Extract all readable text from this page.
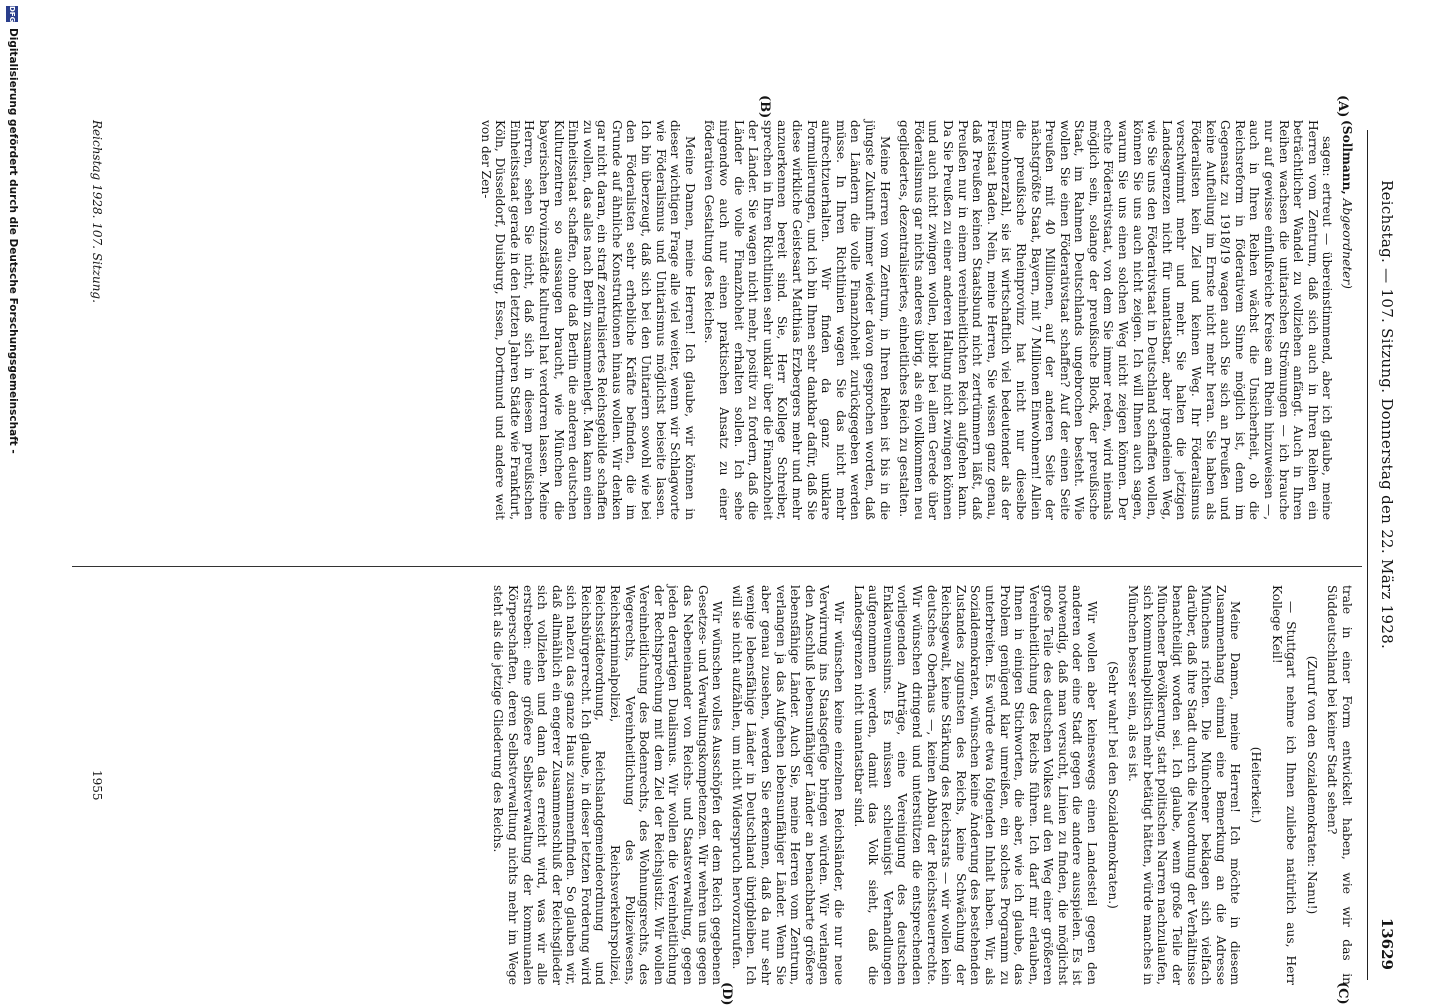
Reichstag. — 107. Sitzung. Donnerstag den 22. März 1928.
13629
(A)
(B)
(C)
(D)

(Sollmann, Abgeordneter)

sagen: ertreut — übereinstimmend, aber ich glaube, meine Herren vom Zentrum, daß sich auch in Ihren Reihen ein beträchtlicher Wandel zu vollziehen anfängt. Auch in Ihren Reihen wachsen die unitarischen Strömungen — ich brauche nur auf gewisse einflußreiche Kreise am Rhein hinzuweisen —, auch in Ihren Reihen wächst die Unsicherheit, ob die Reichsreform in föderativem Sinne möglich ist, denn im Gegensatz zu 1918/19 wagen auch Sie sich an Preußen und keine Aufteilung im Ernste nicht mehr heran. Sie haben als Föderalisten kein Ziel und keinen Weg. Ihr Föderalismus verschwimmt mehr und mehr. Sie halten die jetzigen Landesgrenzen nicht für unantastbar, aber irgendeinen Weg, wie Sie uns den Föderativstaat in Deutschland schaffen wollen, können Sie uns auch nicht zeigen. Ich will Ihnen auch sagen, warum Sie uns einen solchen Weg nicht zeigen können. Der echte Föderativstaat, von dem Sie immer reden, wird niemals möglich sein, solange der preußische Block, der preußische Staat, im Rahmen Deutschlands ungebrochen besteht. Wie wollen Sie einen Föderativstaat schaffen? Auf der einen Seite Preußen mit 40 Millionen, auf der anderen Seite der nächstgrößte Staat, Bayern, mit 7 Millionen Einwohnern! Allein die preußische Rheinprovinz hat nicht nur dieselbe Einwohnerzahl, sie ist wirtschaftlich viel bedeutender als der Freistaat Baden. Nein, meine Herren, Sie wissen ganz genau, daß Preußen keinen Staatsbund nicht zertrümmern läßt, daß Preußen nur in einem vereinheitlichten Reich aufgehen kann. Da Sie Preußen zu einer anderen Haltung nicht zwingen können und auch nicht zwingen wollen, bleibt bei allem Gerede über Föderalismus gar nichts anderes übrig, als ein vollkommen neu gegliedertes, dezentralisiertes, einheitliches Reich zu gestalten.

Meine Herren vom Zentrum, in Ihren Reihen ist bis in die jüngste Zukunft immer wieder davon gesprochen worden, daß den Ländern die volle Finanzhoheit zurückgegeben werden müsse. In Ihren Richtlinien wagen Sie das nicht mehr aufrechtzuerhalten. Wir finden da ganz unklare Formulierungen, und ich bin Ihnen sehr dankbar dafür, daß Sie diese wirkliche Geistesart Matthias Erzbergers mehr und mehr anzuerkennen bereit sind. Sie, Herr Kollege Schreiber, sprechen in Ihren Richtlinien sehr unklar über die Finanzhoheit der Länder. Sie wagen nicht mehr, positiv zu fordern, daß die Länder die volle Finanzhoheit erhalten sollen. Ich sehe nirgendwo auch nur einen praktischen Ansatz zu einer föderativen Gestaltung des Reiches.

Meine Damen, meine Herren! Ich glaube, wir können in dieser wichtigen Frage alle viel weiter, wenn wir Schlagworte wie Föderalismus und Unitarismus möglichst beiseite lassen. Ich bin überzeugt, daß sich bei den Unitariern sowohl wie bei den Föderalisten sehr erhebliche Kräfte befinden, die im Grunde auf ähnliche Konstruktionen hinaus wollen. Wir denken gar nicht daran, ein straff zentralisiertes Reichsgebilde schaffen zu wollen, das alles nach Berlin zusammenlegt. Man kann einen Einheitsstaat schaffen, ohne daß Berlin die anderen deutschen Kulturzentren so aussaugen braucht, wie München die bayerischen Provinzstädte kulturell hat verdorren lassen. Meine Herren, sehen Sie nicht, daß sich in diesem preußischen Einheitsstaat gerade in den letzten Jahren Städte wie Frankfurt, Köln, Düsseldorf, Duisburg, Essen, Dortmund und andere weit von der Zen-

trale in einer Form entwickelt haben, wie wir das in Süddeutschland bei keiner Stadt sehen?

(Zuruf von den Sozialdemokraten: Nanu!)

— Stuttgart nehme ich Ihnen zuliebe natürlich aus, Herr Kollege Keil!

(Heiterkeit.)

Meine Damen, meine Herren! Ich möchte in diesem Zusammenhang einmal eine Bemerkung an die Adresse Münchens richten. Die Münchener beklagen sich vielfach darüber, daß ihre Stadt durch die Neuordnung der Verhältnisse benachteiligt worden sei. Ich glaube, wenn große Teile der Münchener Bevölkerung, statt politischen Narren nachzulaufen, sich kommunalpolitisch mehr betätigt hätten, würde manches in München besser sein, als es ist.

(Sehr wahr! bei den Sozialdemokraten.)

Wir wollen aber keineswegs einen Landesteil gegen den anderen oder eine Stadt gegen die andere ausspielen. Es ist notwendig, daß man versucht, Linien zu finden, die möglichst große Teile des deutschen Volkes auf den Weg einer größeren Vereinheitlichung des Reichs führen. Ich darf mir erlauben, Ihnen in einigen Stichworten, die aber, wie ich glaube, das Problem genügend klar umreißen, ein solches Programm zu unterbreiten. Es würde etwa folgenden Inhalt haben. Wir, als Sozialdemokraten, wünschen keine Änderung des bestehenden Zustandes zugunsten des Reichs, keine Schwächung der Reichsgewalt, keine Stärkung des Reichsrats — wir wollen kein deutsches Oberhaus —, keinen Abbau der Reichssteuerrechte. Wir wünschen dringend und unterstützen die entsprechenden vorliegenden Anträge, eine Vereinigung des deutschen Enklavenunsinns. Es müssen schleunigst Verhandlungen aufgenommen werden, damit das Volk sieht, daß die Landesgrenzen nicht unantastbar sind.

Wir wünschen keine einzelnen Reichsländer, die nur neue Verwirrung ins Staatsgefüge bringen würden. Wir verlangen den Anschluß lebensunfähiger Länder an benachbarte größere lebensfähige Länder. Auch Sie, meine Herren vom Zentrum, verlangen ja das Aufgehen lebensunfähiger Länder. Wenn Sie aber genau zusehen, werden Sie erkennen, daß da nur sehr wenige lebensfähige Länder in Deutschland übrigbleiben. Ich will sie nicht aufzählen, um nicht Widerspruch hervorzurufen.

Wir wünschen volles Ausschöpfen der dem Reich gegebenen Gesetzes- und Verwaltungskompetenzen. Wir wehren uns gegen das Nebeneinander von Reichs- und Staatsverwaltung, gegen jeden derartigen Dualismus. Wir wollen die Vereinheitlichung der Rechtsprechung mit dem Ziel der Reichsjustiz. Wir wollen Vereinheitlichung des Bodenrechts, des Wohnungsrechts, des Wegerechts, Vereinheitlichung des Polizeiwesens, Reichskriminalpolizei, Reichsverkehrspolizei, Reichsstädteordnung, Reichslandgemeindeordnung und Reichsbürgerrecht. Ich glaube, in dieser letzten Forderung wird sich nahezu das ganze Haus zusammenfinden. So glauben wir, daß allmählich ein engerer Zusammenschluß der Reichsglieder sich vollziehen und dann das erreicht wird, was wir alle erstreben: eine größere Selbstverwaltung der kommunalen Körperschaften, deren Selbstverwaltung nichts mehr im Wege steht als die jetzige Gliederung des Reichs.

Reichstag 1928. 107. Sitzung.
1955
DFG
Digitalisierung gefördert durch die Deutsche Forschungsgemeinschaft -
